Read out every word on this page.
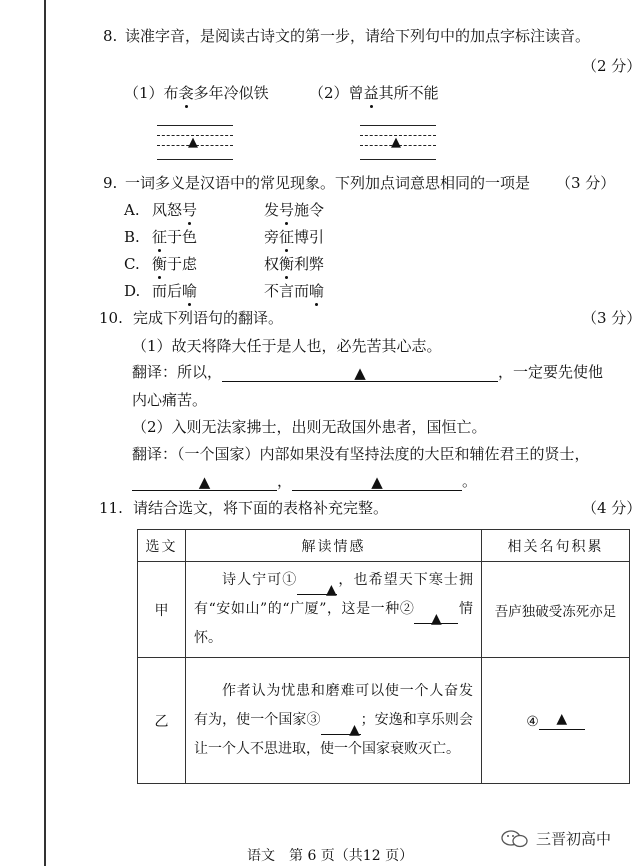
8. 读准字音，是阅读古诗文的第一步，请给下列句中的加点字标注读音。
（2 分）
（1）布衾多年冷似铁	（2）曾益其所不能
▲	▲
9. 一词多义是汉语中的常见现象。下列加点词意思相同的一项是 （3 分）
A. 风怒号	发号施令
B. 征于色	旁征博引
C. 衡于虑	权衡利弊
D. 而后喻	不言而喻
10. 完成下列语句的翻译。	（3 分）
（1）故天将降大任于是人也，必先苦其心志。
翻译：所以，	▲	，一定要先使他
内心痛苦。
（2）入则无法家拂士，出则无敌国外患者，国恒亡。
翻译：（一个国家）内部如果没有坚持法度的大臣和辅佐君王的贤士，
▲	，	▲	。
11. 请结合选文，将下面的表格补充完整。	（4 分）
选文	解读情感	相关名句积累
甲	诗人宁可①▲，也希望天下寒士拥有“安如山”的“广厦”，这是一种②▲情怀。	吾庐独破受冻死亦足
乙	作者认为忧患和磨难可以使一个人奋发有为，使一个国家③▲；安逸和享乐则会让一个人不思进取，使一个国家衰败灭亡。	④ ▲
三晋初高中
语文　第 6 页（共12 页）
